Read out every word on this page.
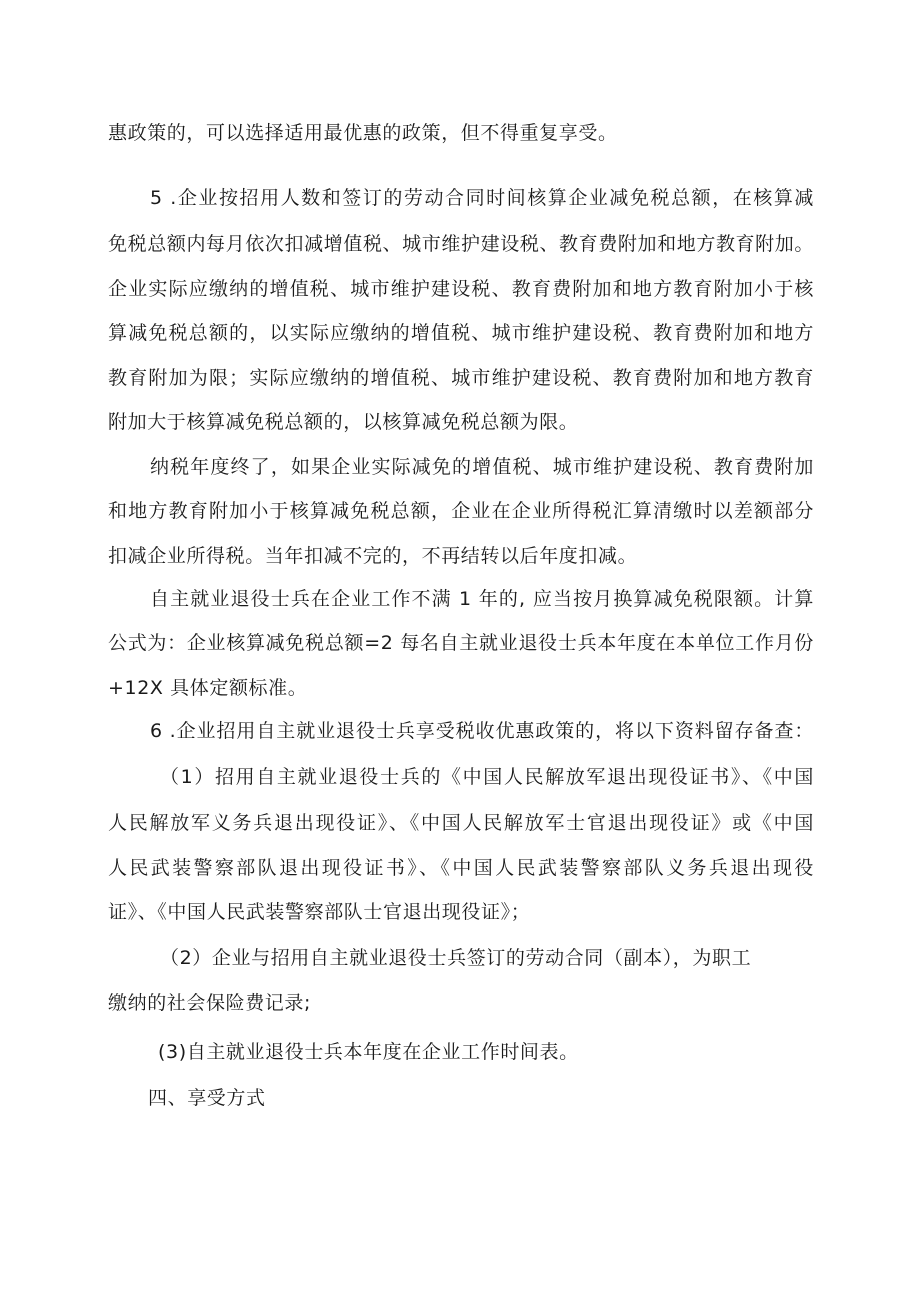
惠政策的，可以选择适用最优惠的政策，但不得重复享受。
5 .企业按招用人数和签订的劳动合同时间核算企业减免税总额，在核算减
免税总额内每月依次扣减增值税、城市维护建设税、教育费附加和地方教育附加。
企业实际应缴纳的增值税、城市维护建设税、教育费附加和地方教育附加小于核
算减免税总额的，以实际应缴纳的增值税、城市维护建设税、教育费附加和地方
教育附加为限；实际应缴纳的增值税、城市维护建设税、教育费附加和地方教育
附加大于核算减免税总额的，以核算减免税总额为限。
纳税年度终了，如果企业实际减免的增值税、城市维护建设税、教育费附加
和地方教育附加小于核算减免税总额，企业在企业所得税汇算清缴时以差额部分
扣减企业所得税。当年扣减不完的，不再结转以后年度扣减。
自主就业退役士兵在企业工作不满 1 年的, 应当按月换算减免税限额。计算
公式为：企业核算减免税总额=2 每名自主就业退役士兵本年度在本单位工作月份
+12X 具体定额标准。
6 .企业招用自主就业退役士兵享受税收优惠政策的，将以下资料留存备查：
（1）招用自主就业退役士兵的《中国人民解放军退出现役证书》、《中国
人民解放军义务兵退出现役证》、《中国人民解放军士官退出现役证》或《中国
人民武装警察部队退出现役证书》、《中国人民武装警察部队义务兵退出现役
证》、《中国人民武装警察部队士官退出现役证》；
（2）企业与招用自主就业退役士兵签订的劳动合同（副本），为职工
缴纳的社会保险费记录;
(3)自主就业退役士兵本年度在企业工作时间表。
四、享受方式
